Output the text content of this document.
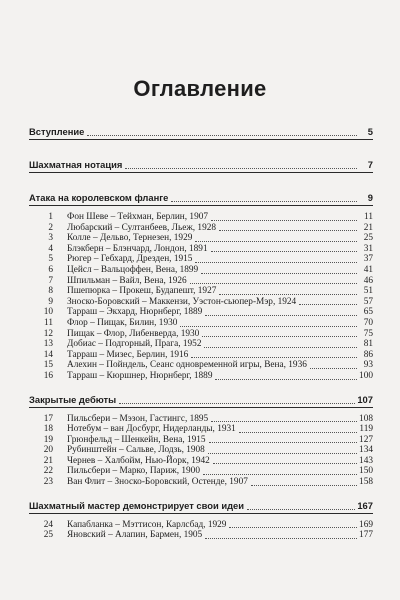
Оглавление
Вступление	5
Шахматная нотация	7
Атака на королевском фланге	9
1	Фон Шеве – Тейхман, Берлин, 1907	11
2	Любарский – Султанбеев, Льеж, 1928	21
3	Колле – Дельво, Тернезен, 1929	25
4	Блэкберн – Блэнчард, Лондон, 1891	31
5	Рюгер – Гебхард, Дрезден, 1915	37
6	Цейсл – Вальцоффен, Вена, 1899	41
7	Шпильман – Вайл, Вена, 1926	46
8	Пшепюрка – Прокеш, Будапешт, 1927	51
9	Зноско-Боровский – Маккензи, Уэстон-сьюпер-Мэр, 1924	57
10	Тарраш – Экхард, Нюрнберг, 1889	65
11	Флор – Пищак, Билин, 1930	70
12	Пищак – Флор, Либенверда, 1930	75
13	Добиас – Подгорный, Прага, 1952	81
14	Тарраш – Мизес, Берлин, 1916	86
15	Алехин – Пойндель, Сеанс одновременной игры, Вена, 1936	93
16	Тарраш – Кюршнер, Нюрнберг, 1889	100
Закрытые дебюты	107
17	Пильсбери – Мэзон, Гастингс, 1895	108
18	Нотебум – ван Досбург, Нидерланды, 1931	119
19	Грюнфельд – Шенкейн, Вена, 1915	127
20	Рубинштейн – Сальве, Лодзь, 1908	134
21	Чернев – Халбойм, Нью-Йорк, 1942	143
22	Пильсбери – Марко, Париж, 1900	150
23	Ван Флит – Зноско-Боровский, Остенде, 1907	158
Шахматный мастер демонстрирует свои идеи	167
24	Капабланка – Мэттисон, Карлсбад, 1929	169
25	Яновский – Алапин, Бармен, 1905	177
